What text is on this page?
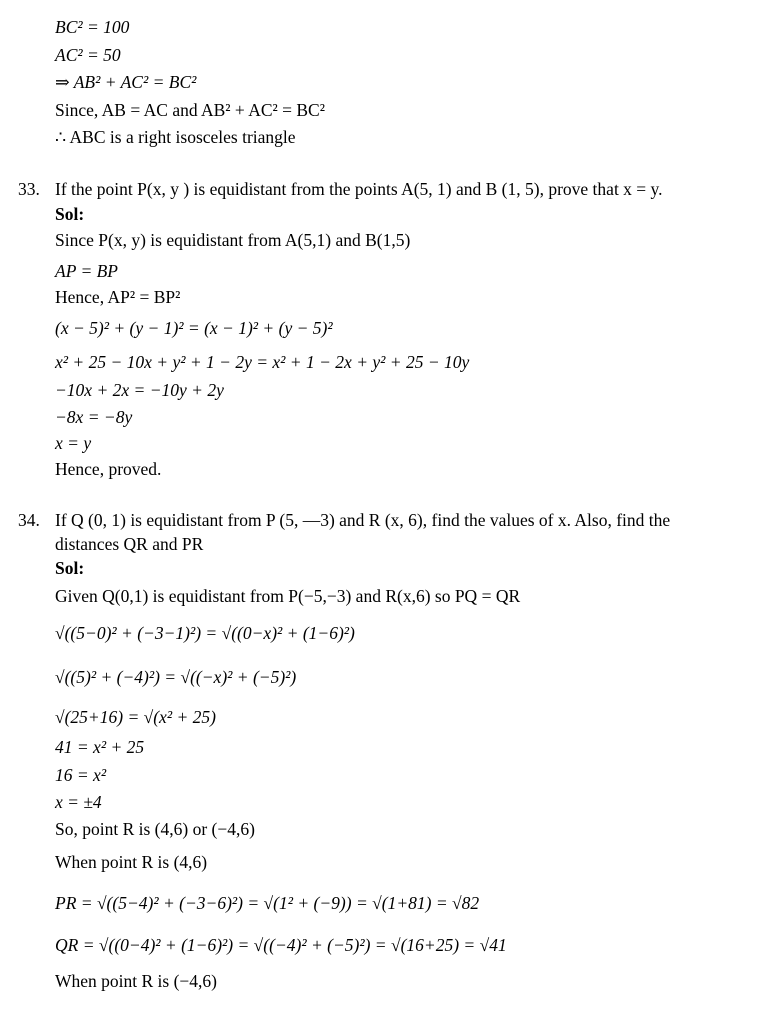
BC² = 100
AC² = 50
⇒ AB² + AC² = BC²
Since, AB = AC and AB² + AC² = BC²
∴ ABC is a right isosceles triangle
33. If the point P(x, y ) is equidistant from the points A(5, 1) and B (1, 5), prove that x = y.
Sol:
Since P(x, y) is equidistant from A(5,1) and B(1,5)
AP = BP
Hence, AP² = BP²
(x − 5)² + (y − 1)² = (x − 1)² + (y − 5)²
x² + 25 − 10x + y² + 1 − 2y = x² + 1 − 2x + y² + 25 − 10y
−10x + 2x = −10y + 2y
−8x = −8y
x = y
Hence, proved.
34. If Q (0, 1) is equidistant from P (5, —3) and R (x, 6), find the values of x. Also, find the
distances QR and PR
Sol:
Given Q(0,1) is equidistant from P(−5,−3) and R(x,6) so PQ = QR
√((5−0)² + (−3−1)²) = √((0−x)² + (1−6)²)
√((5)² + (−4)²) = √((−x)² + (−5)²)
√(25+16) = √(x² + 25)
41 = x² + 25
16 = x²
x = ±4
So, point R is (4,6) or (−4,6)
When point R is (4,6)
PR = √((5−4)² + (−3−6)²) = √(1² + (−9)) = √(1+81) = √82
QR = √((0−4)² + (1−6)²) = √((−4)² + (−5)²) = √(16+25) = √41
When point R is (−4,6)
